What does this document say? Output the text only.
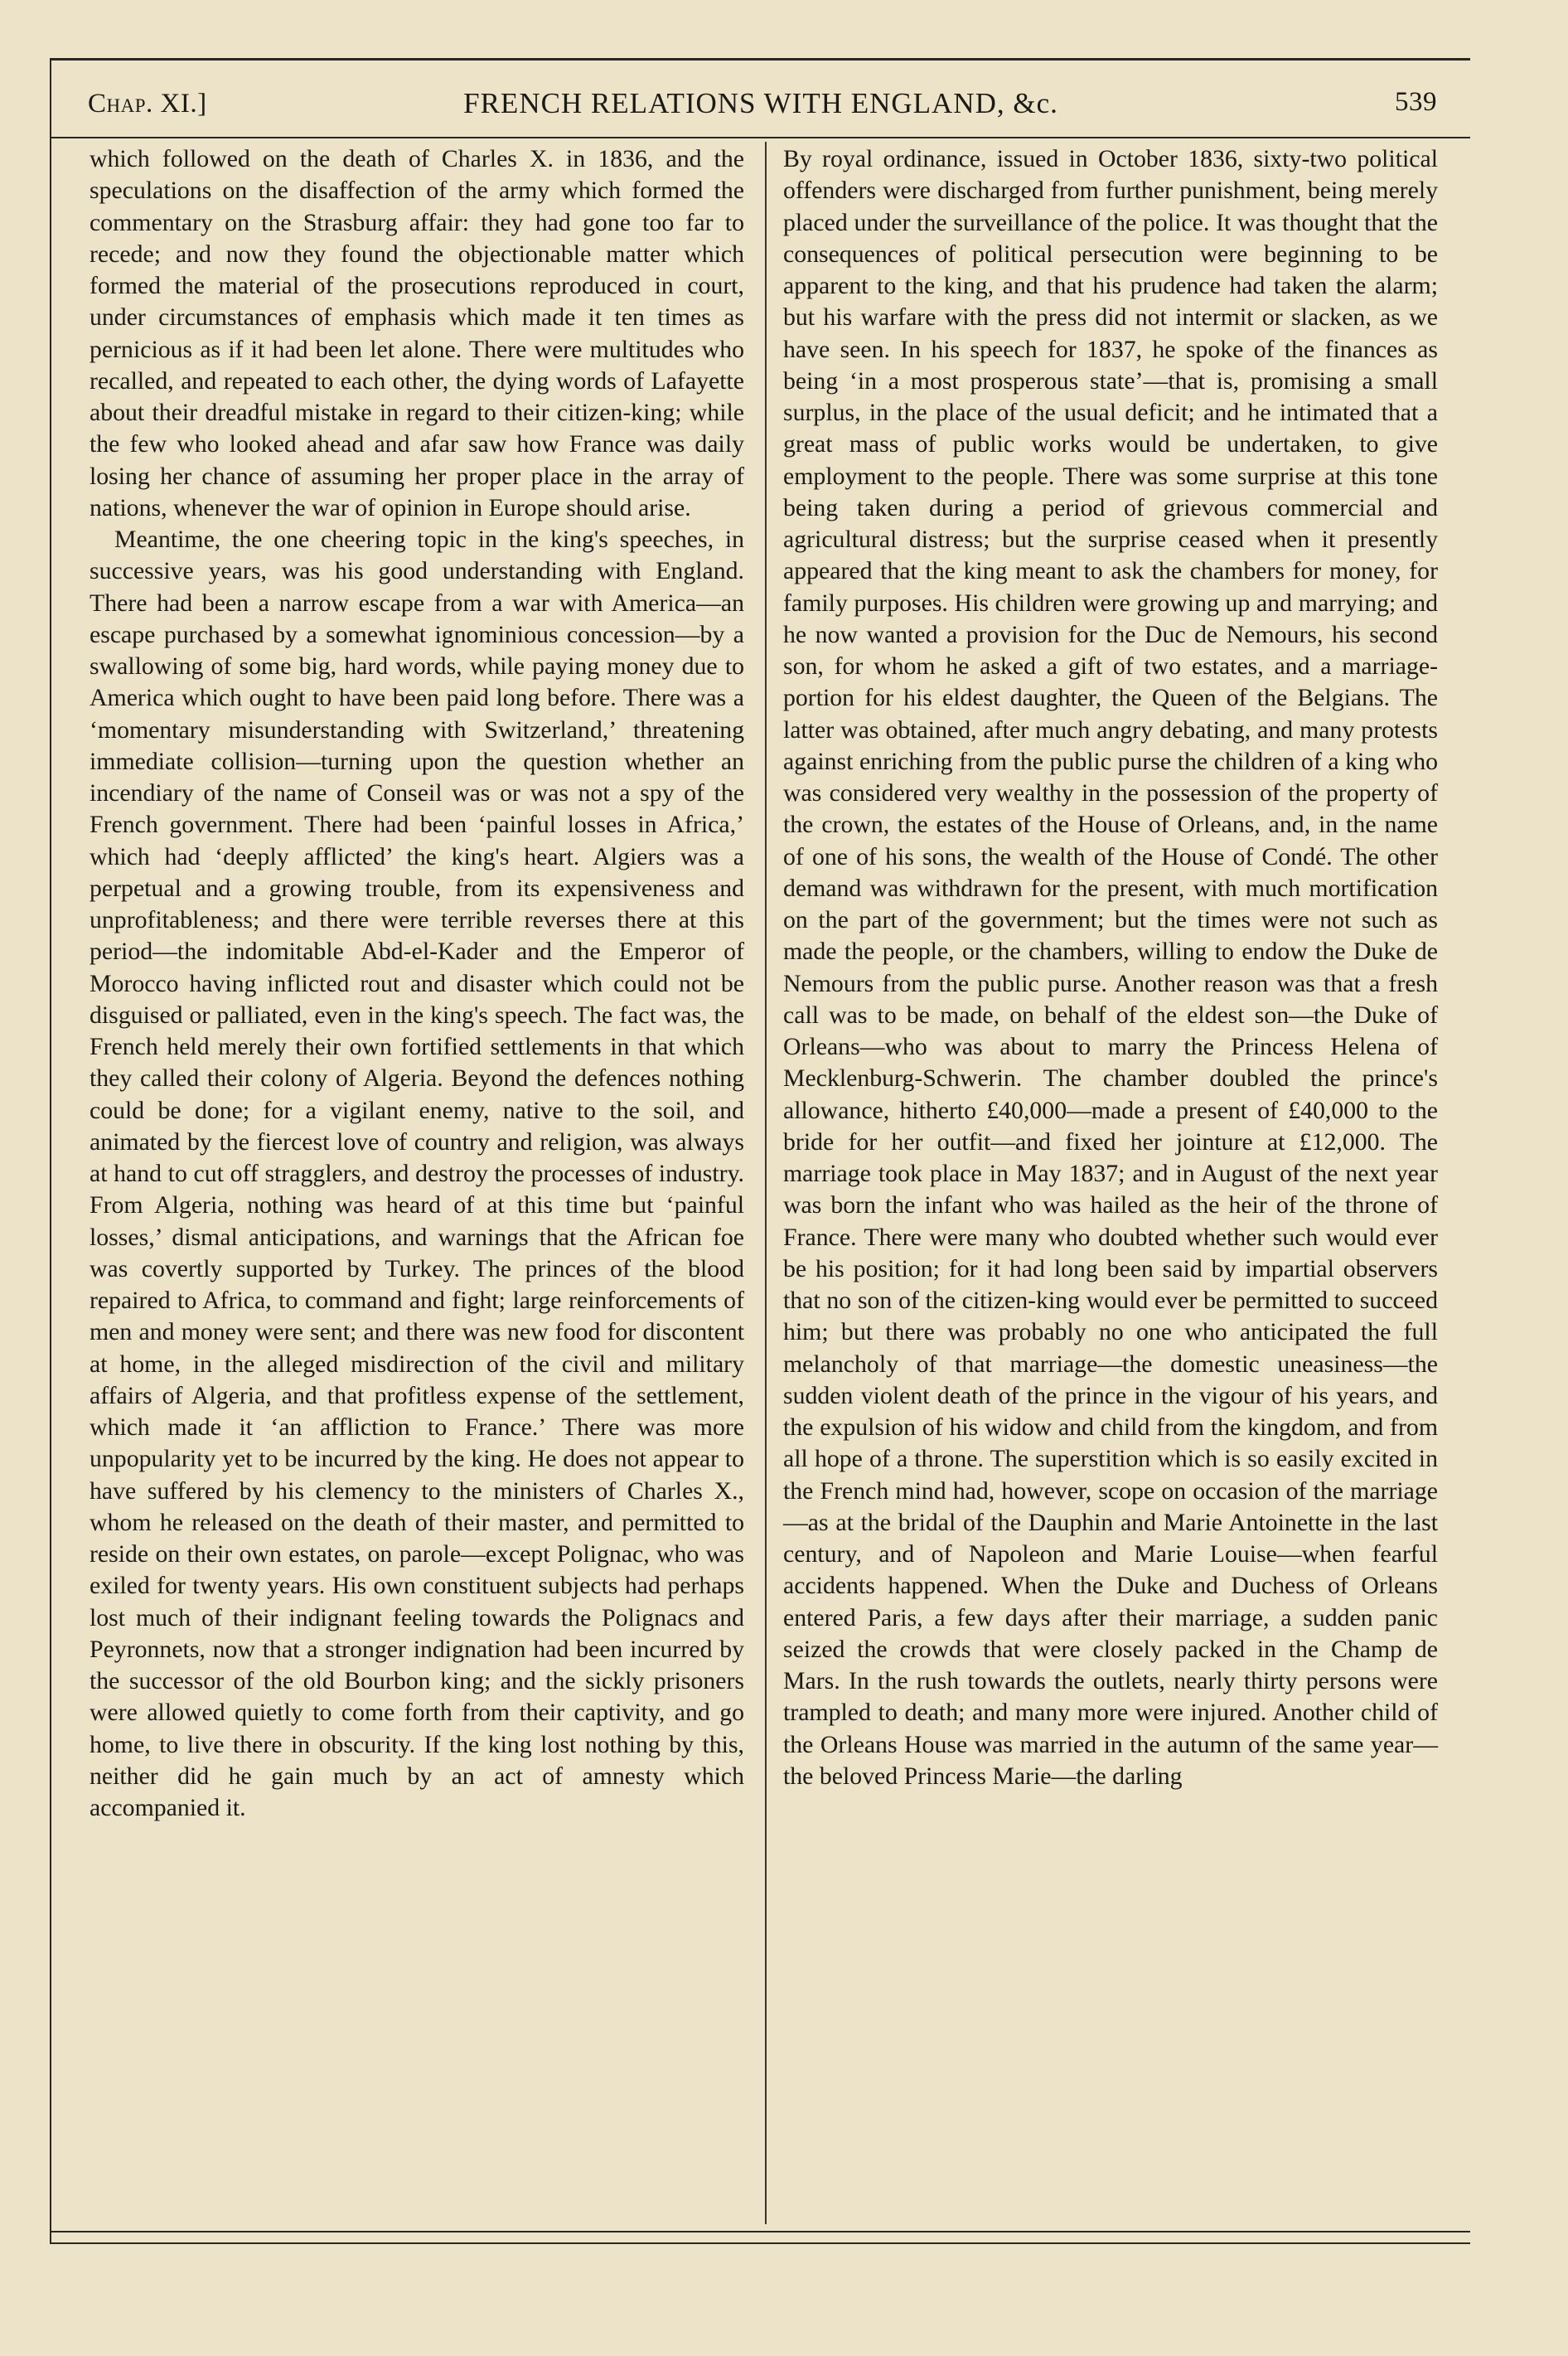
Chap. XI.]	FRENCH RELATIONS WITH ENGLAND, &c.	539

which followed on the death of Charles X. in 1836, and the speculations on the disaffection of the army which formed the commentary on the Strasburg affair: they had gone too far to recede; and now they found the objectionable matter which formed the material of the prosecutions reproduced in court, under circumstances of emphasis which made it ten times as pernicious as if it had been let alone. There were multitudes who recalled, and repeated to each other, the dying words of Lafayette about their dreadful mistake in regard to their citizen-king; while the few who looked ahead and afar saw how France was daily losing her chance of assuming her proper place in the array of nations, whenever the war of opinion in Europe should arise.

Meantime, the one cheering topic in the king's speeches, in successive years, was his good understanding with England. There had been a narrow escape from a war with America—an escape purchased by a somewhat ignominious concession—by a swallowing of some big, hard words, while paying money due to America which ought to have been paid long before. There was a ‘momentary misunderstanding with Switzerland,’ threatening immediate collision—turning upon the question whether an incendiary of the name of Conseil was or was not a spy of the French government. There had been ‘painful losses in Africa,’ which had ‘deeply afflicted’ the king's heart. Algiers was a perpetual and a growing trouble, from its expensiveness and unprofitableness; and there were terrible reverses there at this period—the indomitable Abd-el-Kader and the Emperor of Morocco having inflicted rout and disaster which could not be disguised or palliated, even in the king's speech. The fact was, the French held merely their own fortified settlements in that which they called their colony of Algeria. Beyond the defences nothing could be done; for a vigilant enemy, native to the soil, and animated by the fiercest love of country and religion, was always at hand to cut off stragglers, and destroy the processes of industry. From Algeria, nothing was heard of at this time but ‘painful losses,’ dismal anticipations, and warnings that the African foe was covertly supported by Turkey. The princes of the blood repaired to Africa, to command and fight; large reinforcements of men and money were sent; and there was new food for discontent at home, in the alleged misdirection of the civil and military affairs of Algeria, and that profitless expense of the settlement, which made it ‘an affliction to France.’ There was more unpopularity yet to be incurred by the king. He does not appear to have suffered by his clemency to the ministers of Charles X., whom he released on the death of their master, and permitted to reside on their own estates, on parole—except Polignac, who was exiled for twenty years. His own constituent subjects had perhaps lost much of their indignant feeling towards the Polignacs and Peyronnets, now that a stronger indignation had been incurred by the successor of the old Bourbon king; and the sickly prisoners were allowed quietly to come forth from their captivity, and go home, to live there in obscurity. If the king lost nothing by this, neither did he gain much by an act of amnesty which accompanied it.

By royal ordinance, issued in October 1836, sixty-two political offenders were discharged from further punishment, being merely placed under the surveillance of the police. It was thought that the consequences of political persecution were beginning to be apparent to the king, and that his prudence had taken the alarm; but his warfare with the press did not intermit or slacken, as we have seen. In his speech for 1837, he spoke of the finances as being ‘in a most prosperous state’—that is, promising a small surplus, in the place of the usual deficit; and he intimated that a great mass of public works would be undertaken, to give employment to the people. There was some surprise at this tone being taken during a period of grievous commercial and agricultural distress; but the surprise ceased when it presently appeared that the king meant to ask the chambers for money, for family purposes. His children were growing up and marrying; and he now wanted a provision for the Duc de Nemours, his second son, for whom he asked a gift of two estates, and a marriage-portion for his eldest daughter, the Queen of the Belgians. The latter was obtained, after much angry debating, and many protests against enriching from the public purse the children of a king who was considered very wealthy in the possession of the property of the crown, the estates of the House of Orleans, and, in the name of one of his sons, the wealth of the House of Condé. The other demand was withdrawn for the present, with much mortification on the part of the government; but the times were not such as made the people, or the chambers, willing to endow the Duke de Nemours from the public purse. Another reason was that a fresh call was to be made, on behalf of the eldest son—the Duke of Orleans—who was about to marry the Princess Helena of Mecklenburg-Schwerin. The chamber doubled the prince's allowance, hitherto £40,000—made a present of £40,000 to the bride for her outfit—and fixed her jointure at £12,000. The marriage took place in May 1837; and in August of the next year was born the infant who was hailed as the heir of the throne of France. There were many who doubted whether such would ever be his position; for it had long been said by impartial observers that no son of the citizen-king would ever be permitted to succeed him; but there was probably no one who anticipated the full melancholy of that marriage—the domestic uneasiness—the sudden violent death of the prince in the vigour of his years, and the expulsion of his widow and child from the kingdom, and from all hope of a throne. The superstition which is so easily excited in the French mind had, however, scope on occasion of the marriage—as at the bridal of the Dauphin and Marie Antoinette in the last century, and of Napoleon and Marie Louise—when fearful accidents happened. When the Duke and Duchess of Orleans entered Paris, a few days after their marriage, a sudden panic seized the crowds that were closely packed in the Champ de Mars. In the rush towards the outlets, nearly thirty persons were trampled to death; and many more were injured. Another child of the Orleans House was married in the autumn of the same year—the beloved Princess Marie—the darling
